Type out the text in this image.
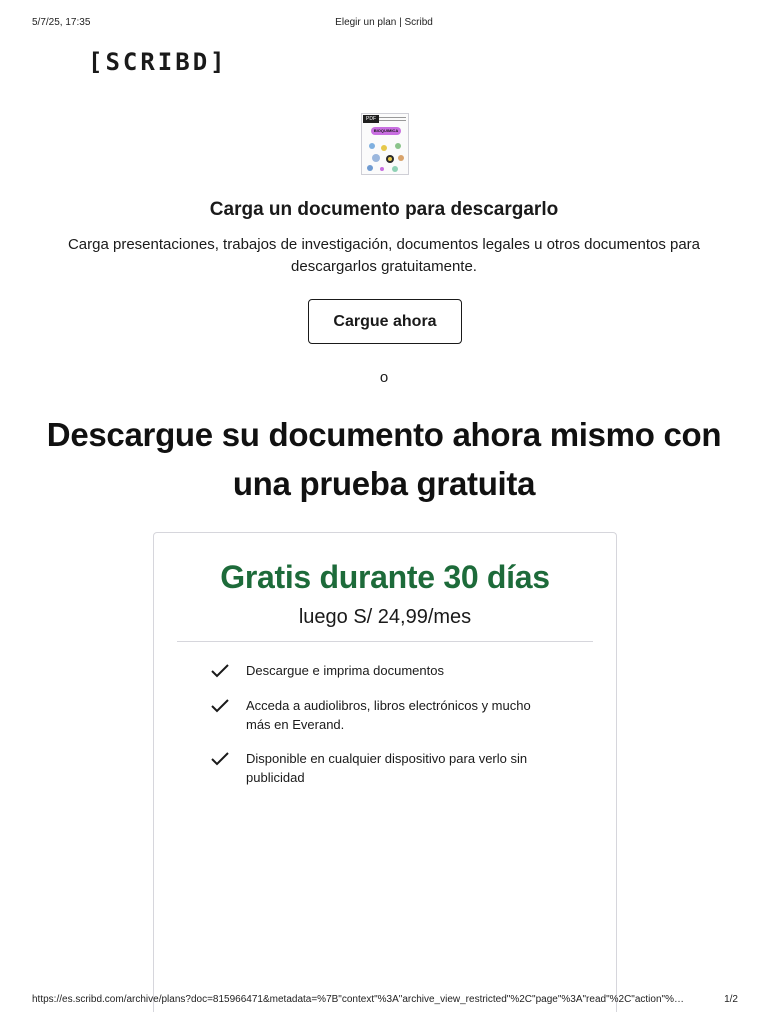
5/7/25, 17:35	Elegir un plan | Scribd
[SCRIBD]
PDF
BIOQUIMICA
Carga un documento para descargarlo
Carga presentaciones, trabajos de investigación, documentos legales u otros documentos para descargarlos gratuitamente.
Cargue ahora
o
Descargue su documento ahora mismo con una prueba gratuita
Gratis durante 30 días
luego S/ 24,99/mes
Descargue e imprima documentos
Acceda a audiolibros, libros electrónicos y mucho más en Everand.
Disponible en cualquier dispositivo para verlo sin publicidad
https://es.scribd.com/archive/plans?doc=815966471&metadata=%7B"context"%3A"archive_view_restricted"%2C"page"%3A"read"%2C"action"%…	1/2
